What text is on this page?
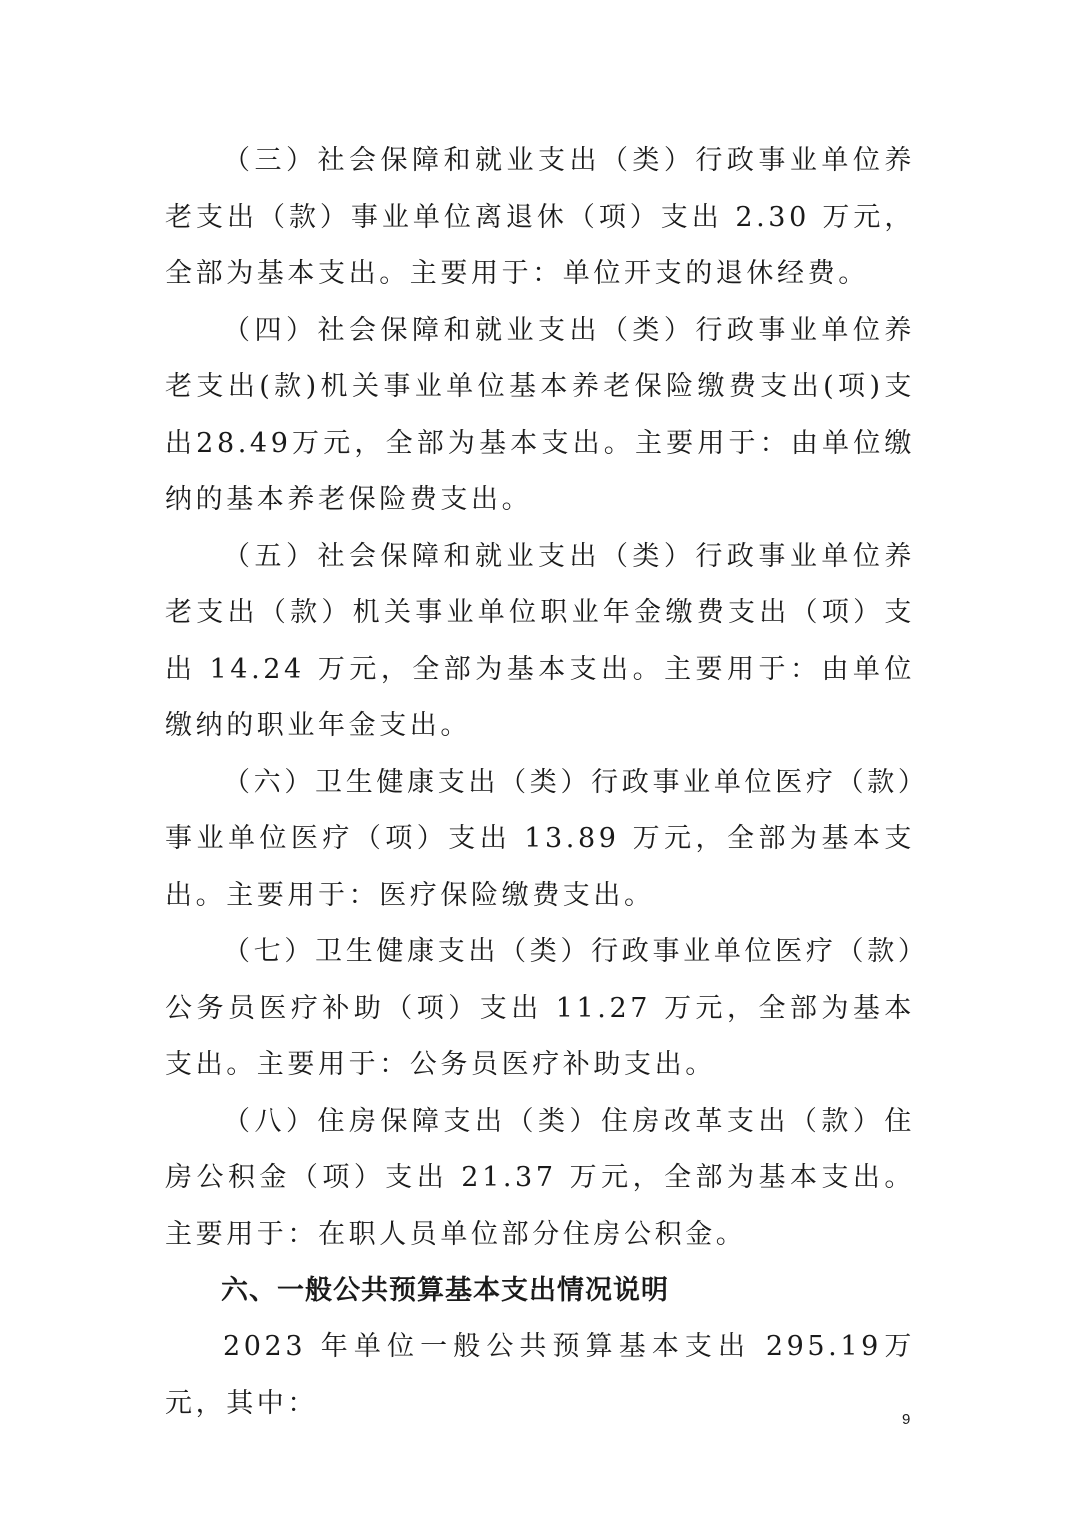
（三）社会保障和就业支出（类）行政事业单位养老支出（款）事业单位离退休（项）支出 2.30 万元，全部为基本支出。主要用于：单位开支的退休经费。

（四）社会保障和就业支出（类）行政事业单位养老支出(款)机关事业单位基本养老保险缴费支出(项)支出28.49万元，全部为基本支出。主要用于：由单位缴纳的基本养老保险费支出。

（五）社会保障和就业支出（类）行政事业单位养老支出（款）机关事业单位职业年金缴费支出（项）支出 14.24 万元，全部为基本支出。主要用于：由单位缴纳的职业年金支出。

（六）卫生健康支出（类）行政事业单位医疗（款）事业单位医疗（项）支出 13.89 万元，全部为基本支出。主要用于：医疗保险缴费支出。

（七）卫生健康支出（类）行政事业单位医疗（款）公务员医疗补助（项）支出 11.27 万元，全部为基本支出。主要用于：公务员医疗补助支出。

（八）住房保障支出（类）住房改革支出（款）住房公积金（项）支出 21.37 万元，全部为基本支出。主要用于：在职人员单位部分住房公积金。

六、一般公共预算基本支出情况说明

2023 年单位一般公共预算基本支出 295.19万元，其中：

9
